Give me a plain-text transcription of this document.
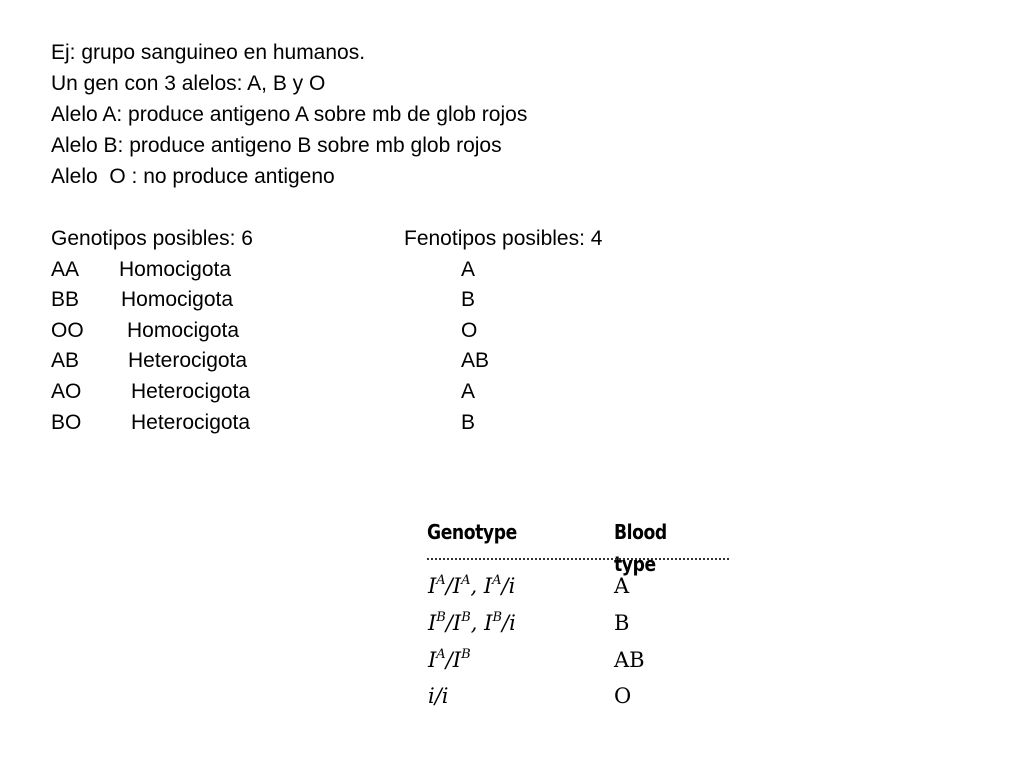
Ej: grupo sanguineo en humanos.
Un gen con 3 alelos: A, B y O
Alelo A: produce antigeno A sobre mb de glob rojos
Alelo B: produce antigeno B sobre mb glob rojos
Alelo  O : no produce antigeno
Genotipos posibles: 6	Fenotipos posibles: 4
AA Homocigota	A
BB Homocigota	B
OO Homocigota	O
AB Heterocigota	AB
AO Heterocigota	A
BO Heterocigota	B
Genotype	Blood type
$I^A/I^A$, $I^A/i$	A
$I^B/I^B$, $I^B/i$	B
$I^A/I^B$	AB
i/i	O
